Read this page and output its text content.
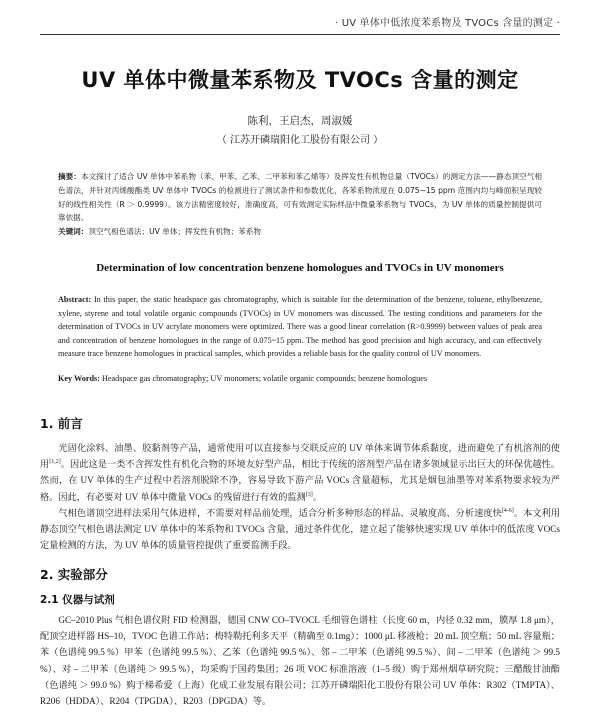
· UV 单体中低浓度苯系物及 TVOCs 含量的测定 ·
UV 单体中微量苯系物及 TVOCs 含量的测定
陈利，王启杰，周淑媛
（ 江苏开磷瑞阳化工股份有限公司 ）
摘要：本文探讨了适合 UV 单体中苯系物（苯、甲苯、乙苯、二甲苯和苯乙烯等）及挥发性有机物总量（TVOCs）的测定方法——静态顶空气相色谱法，并针对丙烯酸酯类 UV 单体中 TVOCs 的检测进行了测试条件和参数优化，各苯系物浓度在 0.075~15 ppm 范围内均与峰面积呈现较好的线性相关性（R ＞ 0.9999）。该方法精密度较好，准确度高，可有效测定实际样品中微量苯系物与 TVOCs，为 UV 单体的质量控制提供可靠依据。
关键词：顶空气相色谱法；UV 单体；挥发性有机物；苯系物
Determination of low concentration benzene homologues and TVOCs in UV monomers
Abstract: In this paper, the static headspace gas chromatography, which is suitable for the determination of the benzene, toluene, ethylbenzene, xylene, styrene and total volatile organic compounds (TVOCs) in UV monomers was discussed. The testing conditions and parameters for the determination of TVOCs in UV acrylate monomers were optimized. There was a good linear correlation (R>0.9999) between values of peak area and concentration of benzene homologues in the range of 0.075~15 ppm. The method has good precision and high accuracy, and can effectively measure trace benzene homologues in practical samples, which provides a reliable basis for the quality control of UV monomers.
Key Words: Headspace gas chromatography; UV monomers; volatile organic compounds; benzene homologues
1. 前言
光固化涂料、油墨、胶黏剂等产品，通常使用可以直接参与交联反应的 UV 单体来调节体系黏度，进而避免了有机溶剂的使用[1,2]。因此这是一类不含挥发性有机化合物的环境友好型产品，相比于传统的溶剂型产品在诸多领域显示出巨大的环保优越性。然而，在 UV 单体的生产过程中若溶剂脱除不净，容易导致下游产品 VOCs 含量超标，尤其是烟包油墨等对苯系物要求较为严格。因此，有必要对 UV 单体中微量 VOCs 的残留进行有效的监测[3]。
气相色谱顶空进样法采用气体进样，不需要对样品前处理，适合分析多种形态的样品、灵敏度高、分析速度快[4-6]。本文利用静态顶空气相色谱法测定 UV 单体中的苯系物和 TVOCs 含量，通过条件优化，建立起了能够快速实现 UV 单体中的低浓度 VOCs 定量检测的方法，为 UV 单体的质量管控提供了重要监测手段。
2. 实验部分
2.1 仪器与试剂
GC–2010 Plus 气相色谱仪附 FID 检测器，德国 CNW CO–TVOCL 毛细管色谱柱（长度 60 m，内径 0.32 mm，膜厚 1.8 μm），配顶空进样器 HS–10，TVOC 色谱工作站；梅特勒托利多天平（精确至 0.1mg）；1000 μL 移液枪；20 mL 顶空瓶；50 mL 容量瓶；苯（色谱纯 99.5 %）甲苯（色谱纯 99.5 %）、乙苯（色谱纯 99.5 %）、邻 – 二甲苯（色谱纯 99.5 %）、间 – 二甲苯（色谱纯 ＞ 99.5 %）、对 – 二甲苯（色谱纯 ＞ 99.5 %），均采购于国药集团；26 项 VOC 标准溶液（1–5 级）购于郑州烟草研究院；三醋酸甘油酯（色谱纯 ＞ 99.0 %）购于梯希爱（上海）化成工业发展有限公司；江苏开磷瑞阳化工股份有限公司 UV 单体：R302（TMPTA）、R206（HDDA）、R204（TPGDA）、R203（DPGDA）等。
